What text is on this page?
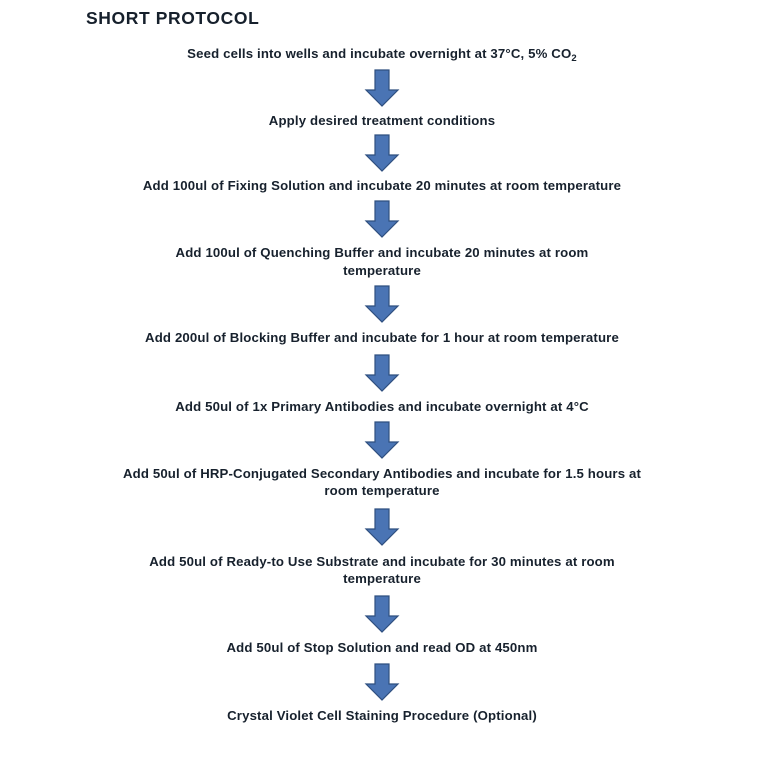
SHORT PROTOCOL
Seed cells into wells and incubate overnight at 37°C, 5% $CO_2$
Apply desired treatment conditions
Add 100ul of Fixing Solution and incubate 20 minutes at room temperature
Add 100ul of Quenching Buffer and incubate 20 minutes at room temperature
Add 200ul of Blocking Buffer and incubate for 1 hour at room temperature
Add 50ul of 1x Primary Antibodies and incubate overnight at 4°C
Add 50ul of HRP-Conjugated Secondary Antibodies and incubate for 1.5 hours at room temperature
Add 50ul of Ready-to Use Substrate and incubate for 30 minutes at room temperature
Add 50ul of Stop Solution and read OD at 450nm
Crystal Violet Cell Staining Procedure (Optional)
